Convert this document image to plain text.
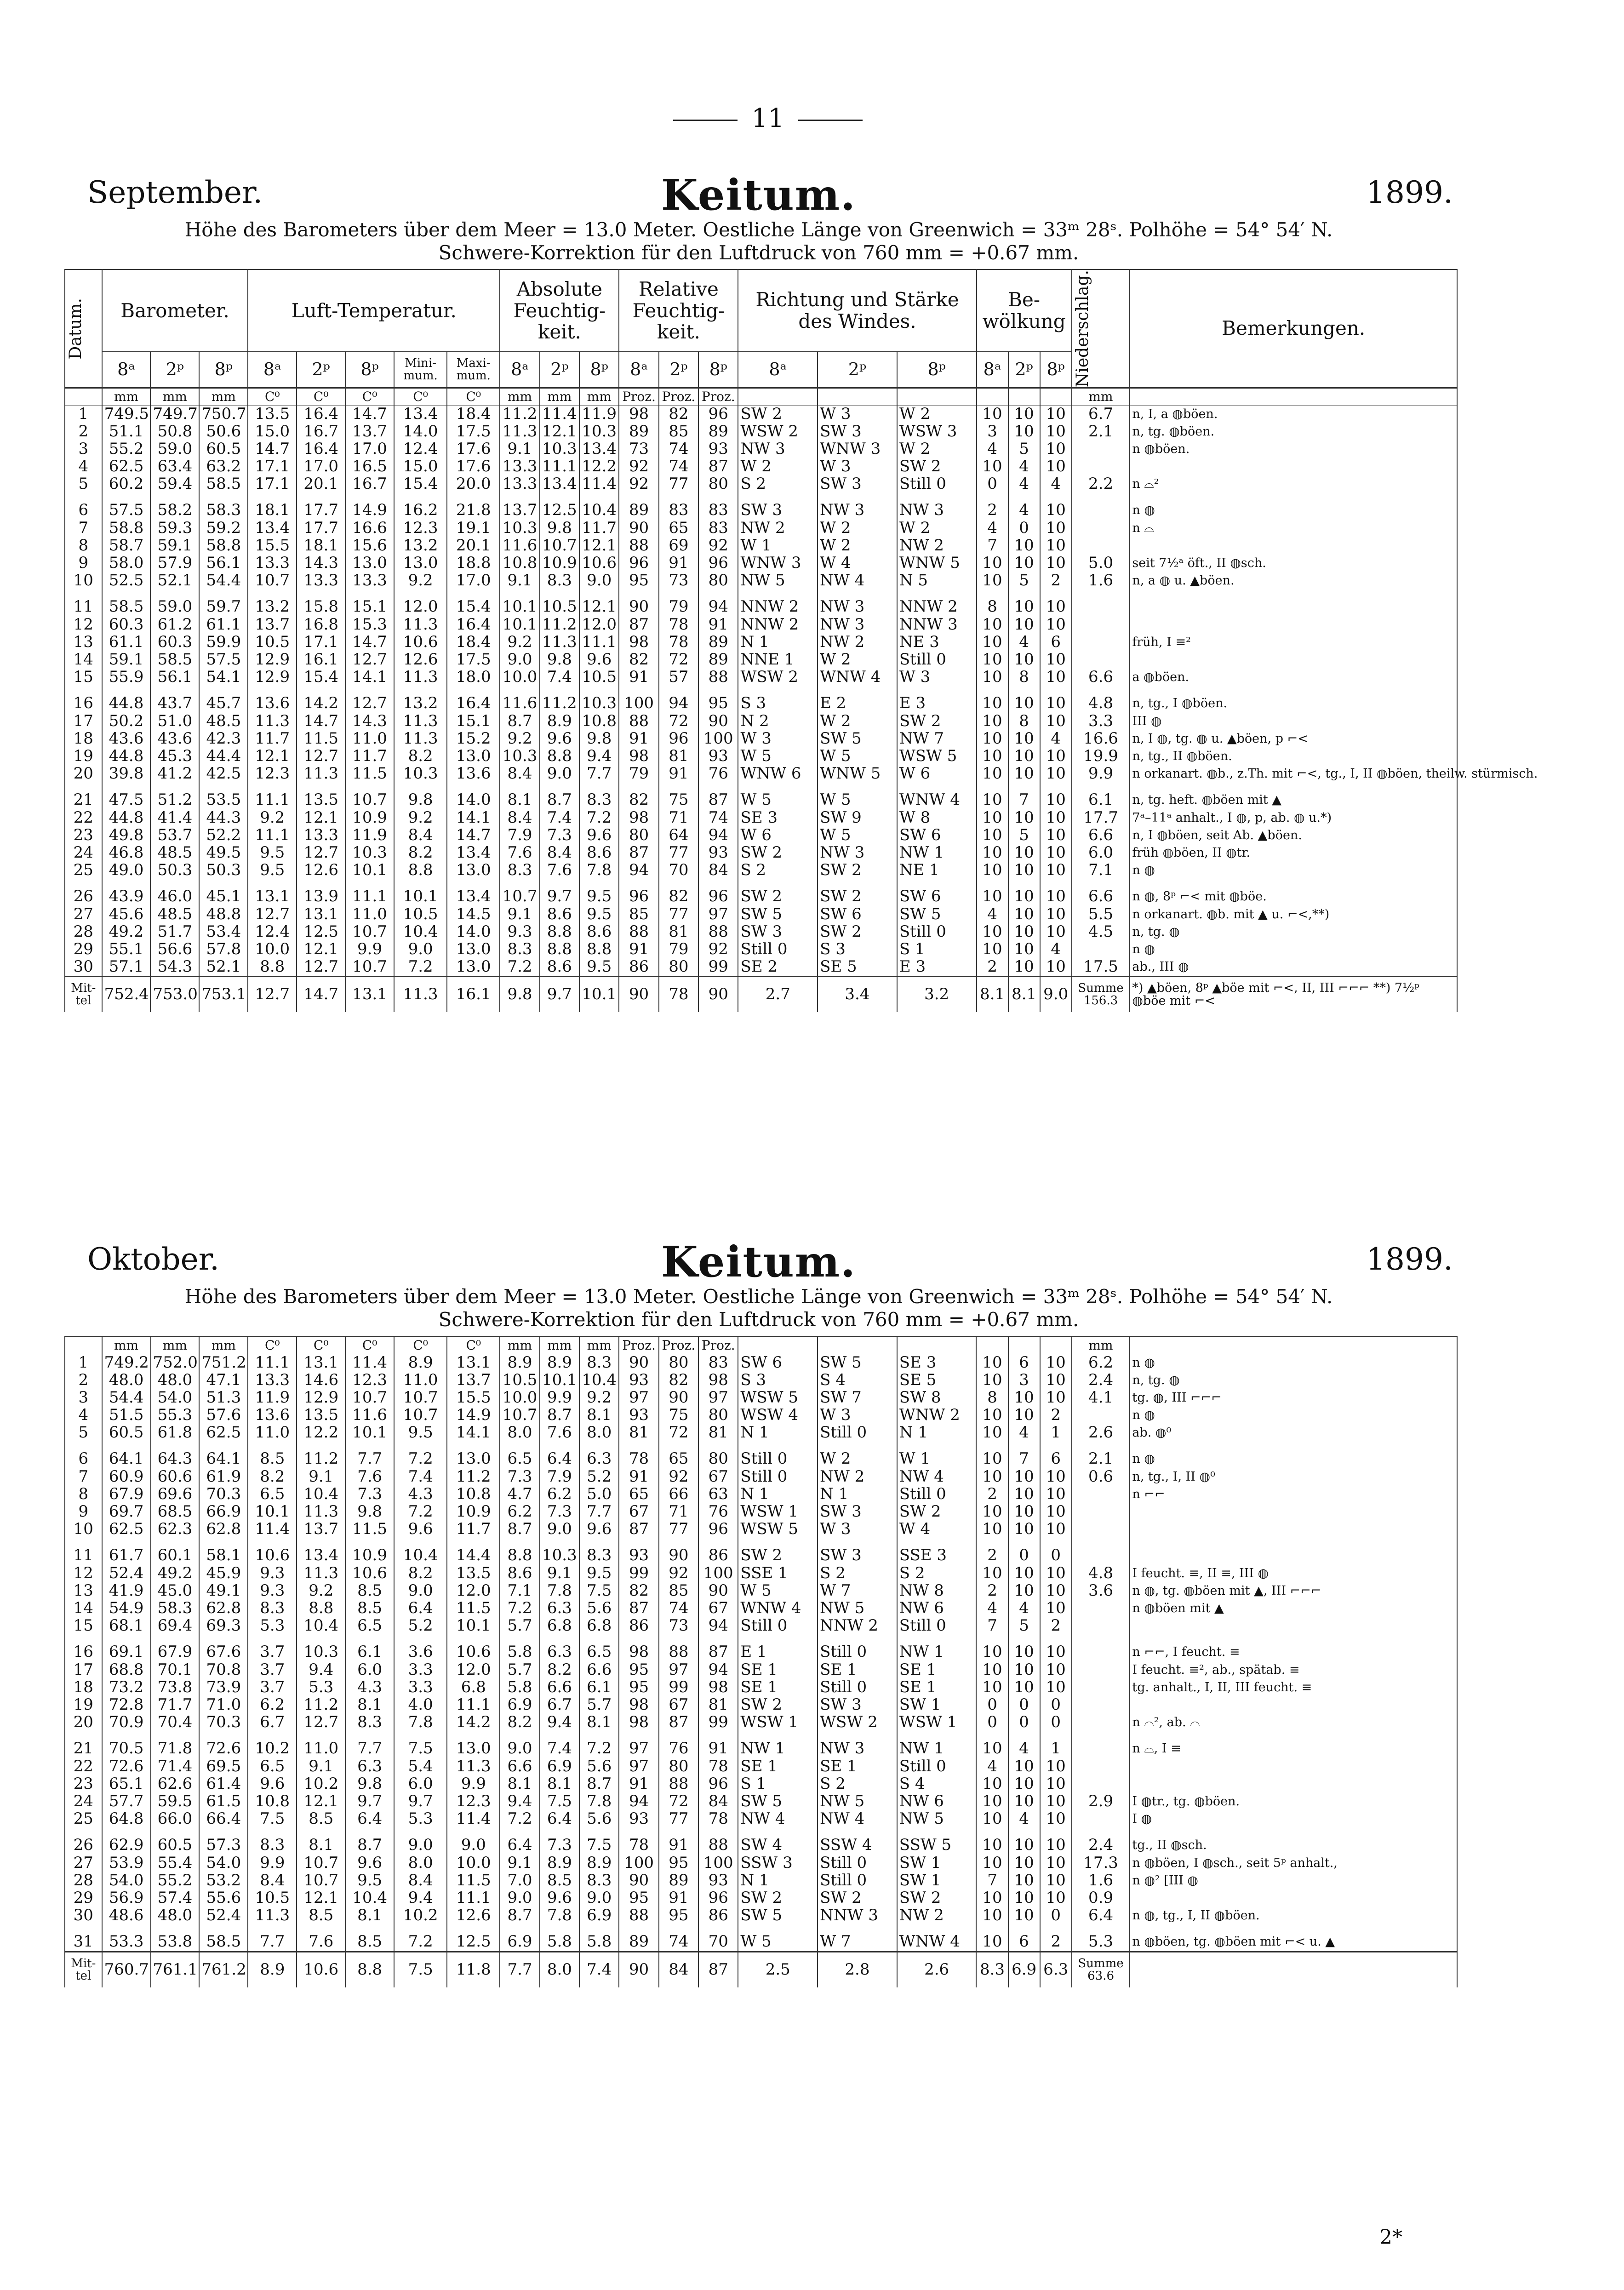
11
September.	Keitum.	1899.
Höhe des Barometers über dem Meer = 13.0 Meter. Oestliche Länge von Greenwich = 33ᵐ 28ˢ. Polhöhe = 54° 54′ N.
Schwere-Korrektion für den Luftdruck von 760 mm = +0.67 mm.
Datum.	Barometer.			Luft-Temperatur.					Absolute Feuchtig-keit.			Relative Feuchtig-keit.			Richtung und Stärke des Windes.			Be-wölkung			Niederschlag.	Bemerkungen.
	8ᵃ	2ᵖ	8ᵖ	8ᵃ	2ᵖ	8ᵖ	Mini-mum.	Maxi-mum.	8ᵃ	2ᵖ	8ᵖ	8ᵃ	2ᵖ	8ᵖ	8ᵃ	2ᵖ	8ᵖ	8ᵃ	2ᵖ	8ᵖ		
	mm	mm	mm	C⁰	C⁰	C⁰	C⁰	C⁰	mm	mm	mm	Proz.	Proz.	Proz.							mm	
1	749.5	749.7	750.7	13.5	16.4	14.7	13.4	18.4	11.2	11.4	11.9	98	82	96	SW 2	W 3	W 2	10	10	10	6.7	n, I, a ◍böen.
2	51.1	50.8	50.6	15.0	16.7	13.7	14.0	17.5	11.3	12.1	10.3	89	85	89	WSW 2	SW 3	WSW 3	3	10	10	2.1	n, tg. ◍böen.
3	55.2	59.0	60.5	14.7	16.4	17.0	12.4	17.6	9.1	10.3	13.4	73	74	93	NW 3	WNW 3	W 2	4	5	10		n ◍böen.
4	62.5	63.4	63.2	17.1	17.0	16.5	15.0	17.6	13.3	11.1	12.2	92	74	87	W 2	W 3	SW 2	10	4	10		
5	60.2	59.4	58.5	17.1	20.1	16.7	15.4	20.0	13.3	13.4	11.4	92	77	80	S 2	SW 3	Still 0	0	4	4	2.2	n ⌓²
6	57.5	58.2	58.3	18.1	17.7	14.9	16.2	21.8	13.7	12.5	10.4	89	83	83	SW 3	NW 3	NW 3	2	4	10		n ◍
7	58.8	59.3	59.2	13.4	17.7	16.6	12.3	19.1	10.3	9.8	11.7	90	65	83	NW 2	W 2	W 2	4	0	10		n ⌓
8	58.7	59.1	58.8	15.5	18.1	15.6	13.2	20.1	11.6	10.7	12.1	88	69	92	W 1	W 2	NW 2	7	10	10		
9	58.0	57.9	56.1	13.3	14.3	13.0	13.0	18.8	10.8	10.9	10.6	96	91	96	WNW 3	W 4	WNW 5	10	10	10	5.0	seit 7½ᵃ öft., II ◍sch.
10	52.5	52.1	54.4	10.7	13.3	13.3	9.2	17.0	9.1	8.3	9.0	95	73	80	NW 5	NW 4	N 5	10	5	2	1.6	n, a ◍ u. ▲böen.
11	58.5	59.0	59.7	13.2	15.8	15.1	12.0	15.4	10.1	10.5	12.1	90	79	94	NNW 2	NW 3	NNW 2	8	10	10		
12	60.3	61.2	61.1	13.7	16.8	15.3	11.3	16.4	10.1	11.2	12.0	87	78	91	NNW 2	NW 3	NNW 3	10	10	10		
13	61.1	60.3	59.9	10.5	17.1	14.7	10.6	18.4	9.2	11.3	11.1	98	78	89	N 1	NW 2	NE 3	10	4	6		früh, I ≡²
14	59.1	58.5	57.5	12.9	16.1	12.7	12.6	17.5	9.0	9.8	9.6	82	72	89	NNE 1	W 2	Still 0	10	10	10		
15	55.9	56.1	54.1	12.9	15.4	14.1	11.3	18.0	10.0	7.4	10.5	91	57	88	WSW 2	WNW 4	W 3	10	8	10	6.6	a ◍böen.
16	44.8	43.7	45.7	13.6	14.2	12.7	13.2	16.4	11.6	11.2	10.3	100	94	95	S 3	E 2	E 3	10	10	10	4.8	n, tg., I ◍böen.
17	50.2	51.0	48.5	11.3	14.7	14.3	11.3	15.1	8.7	8.9	10.8	88	72	90	N 2	W 2	SW 2	10	8	10	3.3	III ◍
18	43.6	43.6	42.3	11.7	11.5	11.0	11.3	15.2	9.2	9.6	9.8	91	96	100	W 3	SW 5	NW 7	10	10	4	16.6	n, I ◍, tg. ◍ u. ▲böen, p ⌐<
19	44.8	45.3	44.4	12.1	12.7	11.7	8.2	13.0	10.3	8.8	9.4	98	81	93	W 5	W 5	WSW 5	10	10	10	19.9	n, tg., II ◍böen.
20	39.8	41.2	42.5	12.3	11.3	11.5	10.3	13.6	8.4	9.0	7.7	79	91	76	WNW 6	WNW 5	W 6	10	10	10	9.9	n orkanart. ◍b., z.Th. mit ⌐<, tg., I, II ◍böen, theilw. stürmisch.
21	47.5	51.2	53.5	11.1	13.5	10.7	9.8	14.0	8.1	8.7	8.3	82	75	87	W 5	W 5	WNW 4	10	7	10	6.1	n, tg. heft. ◍böen mit ▲
22	44.8	41.4	44.3	9.2	12.1	10.9	9.2	14.1	8.4	7.4	7.2	98	71	74	SE 3	SW 9	W 8	10	10	10	17.7	7ᵃ–11ᵃ anhalt., I ◍, p, ab. ◍ u.*)
23	49.8	53.7	52.2	11.1	13.3	11.9	8.4	14.7	7.9	7.3	9.6	80	64	94	W 6	W 5	SW 6	10	5	10	6.6	n, I ◍böen, seit Ab. ▲böen.
24	46.8	48.5	49.5	9.5	12.7	10.3	8.2	13.4	7.6	8.4	8.6	87	77	93	SW 2	NW 3	NW 1	10	10	10	6.0	früh ◍böen, II ◍tr.
25	49.0	50.3	50.3	9.5	12.6	10.1	8.8	13.0	8.3	7.6	7.8	94	70	84	S 2	SW 2	NE 1	10	10	10	7.1	n ◍
26	43.9	46.0	45.1	13.1	13.9	11.1	10.1	13.4	10.7	9.7	9.5	96	82	96	SW 2	SW 2	SW 6	10	10	10	6.6	n ◍, 8ᵖ ⌐< mit ◍böe.
27	45.6	48.5	48.8	12.7	13.1	11.0	10.5	14.5	9.1	8.6	9.5	85	77	97	SW 5	SW 6	SW 5	4	10	10	5.5	n orkanart. ◍b. mit ▲ u. ⌐<,**)
28	49.2	51.7	53.4	12.4	12.5	10.7	10.4	14.0	9.3	8.8	8.6	88	81	88	SW 3	SW 2	Still 0	10	10	10	4.5	n, tg. ◍
29	55.1	56.6	57.8	10.0	12.1	9.9	9.0	13.0	8.3	8.8	8.8	91	79	92	Still 0	S 3	S 1	10	10	4		n ◍
30	57.1	54.3	52.1	8.8	12.7	10.7	7.2	13.0	7.2	8.6	9.5	86	80	99	SE 2	SE 5	E 3	2	10	10	17.5	ab., III ◍
Mit-tel	752.4	753.0	753.1	12.7	14.7	13.1	11.3	16.1	9.8	9.7	10.1	90	78	90	2.7	3.4	3.2	8.1	8.1	9.0	Summe 156.3	*) ▲böen, 8ᵖ ▲böe mit ⌐<, II, III ⌐⌐⌐ **) 7½ᵖ ◍böe mit ⌐<
Oktober.	Keitum.	1899.
Höhe des Barometers über dem Meer = 13.0 Meter. Oestliche Länge von Greenwich = 33ᵐ 28ˢ. Polhöhe = 54° 54′ N.
Schwere-Korrektion für den Luftdruck von 760 mm = +0.67 mm.
	mm	mm	mm	C⁰	C⁰	C⁰	C⁰	C⁰	mm	mm	mm	Proz.	Proz.	Proz.							mm	
1	749.2	752.0	751.2	11.1	13.1	11.4	8.9	13.1	8.9	8.9	8.3	90	80	83	SW 6	SW 5	SE 3	10	6	10	6.2	n ◍
2	48.0	48.0	47.1	13.3	14.6	12.3	11.0	13.7	10.5	10.1	10.4	93	82	98	S 3	S 4	SE 5	10	3	10	2.4	n, tg. ◍
3	54.4	54.0	51.3	11.9	12.9	10.7	10.7	15.5	10.0	9.9	9.2	97	90	97	WSW 5	SW 7	SW 8	8	10	10	4.1	tg. ◍, III ⌐⌐⌐
4	51.5	55.3	57.6	13.6	13.5	11.6	10.7	14.9	10.7	8.7	8.1	93	75	80	WSW 4	W 3	WNW 2	10	10	2		n ◍
5	60.5	61.8	62.5	11.0	12.2	10.1	9.5	14.1	8.0	7.6	8.0	81	72	81	N 1	Still 0	N 1	10	4	1	2.6	ab. ◍⁰
6	64.1	64.3	64.1	8.5	11.2	7.7	7.2	13.0	6.5	6.4	6.3	78	65	80	Still 0	W 2	W 1	10	7	6	2.1	n ◍
7	60.9	60.6	61.9	8.2	9.1	7.6	7.4	11.2	7.3	7.9	5.2	91	92	67	Still 0	NW 2	NW 4	10	10	10	0.6	n, tg., I, II ◍⁰
8	67.9	69.6	70.3	6.5	10.4	7.3	4.3	10.8	4.7	6.2	5.0	65	66	63	N 1	N 1	Still 0	2	10	10		n ⌐⌐
9	69.7	68.5	66.9	10.1	11.3	9.8	7.2	10.9	6.2	7.3	7.7	67	71	76	WSW 1	SW 3	SW 2	10	10	10		
10	62.5	62.3	62.8	11.4	13.7	11.5	9.6	11.7	8.7	9.0	9.6	87	77	96	WSW 5	W 3	W 4	10	10	10		
11	61.7	60.1	58.1	10.6	13.4	10.9	10.4	14.4	8.8	10.3	8.3	93	90	86	SW 2	SW 3	SSE 3	2	0	0		
12	52.4	49.2	45.9	9.3	11.3	10.6	8.2	13.5	8.6	9.1	9.5	99	92	100	SSE 1	S 2	S 2	10	10	10	4.8	I feucht. ≡, II ≡, III ◍
13	41.9	45.0	49.1	9.3	9.2	8.5	9.0	12.0	7.1	7.8	7.5	82	85	90	W 5	W 7	NW 8	2	10	10	3.6	n ◍, tg. ◍böen mit ▲, III ⌐⌐⌐
14	54.9	58.3	62.8	8.3	8.8	8.5	6.4	11.5	7.2	6.3	5.6	87	74	67	WNW 4	NW 5	NW 6	4	4	10		n ◍böen mit ▲
15	68.1	69.4	69.3	5.3	10.4	6.5	5.2	10.1	5.7	6.8	6.8	86	73	94	Still 0	NNW 2	Still 0	7	5	2		
16	69.1	67.9	67.6	3.7	10.3	6.1	3.6	10.6	5.8	6.3	6.5	98	88	87	E 1	Still 0	NW 1	10	10	10		n ⌐⌐, I feucht. ≡
17	68.8	70.1	70.8	3.7	9.4	6.0	3.3	12.0	5.7	8.2	6.6	95	97	94	SE 1	SE 1	SE 1	10	10	10		I feucht. ≡², ab., spätab. ≡
18	73.2	73.8	73.9	3.7	5.3	4.3	3.3	6.8	5.8	6.6	6.1	95	99	98	SE 1	Still 0	SE 1	10	10	10		tg. anhalt., I, II, III feucht. ≡
19	72.8	71.7	71.0	6.2	11.2	8.1	4.0	11.1	6.9	6.7	5.7	98	67	81	SW 2	SW 3	SW 1	0	0	0		
20	70.9	70.4	70.3	6.7	12.7	8.3	7.8	14.2	8.2	9.4	8.1	98	87	99	WSW 1	WSW 2	WSW 1	0	0	0		n ⌓², ab. ⌓
21	70.5	71.8	72.6	10.2	11.0	7.7	7.5	13.0	9.0	7.4	7.2	97	76	91	NW 1	NW 3	NW 1	10	4	1		n ⌓, I ≡
22	72.6	71.4	69.5	6.5	9.1	6.3	5.4	11.3	6.6	6.9	5.6	97	80	78	SE 1	SE 1	Still 0	4	10	10		
23	65.1	62.6	61.4	9.6	10.2	9.8	6.0	9.9	8.1	8.1	8.7	91	88	96	S 1	S 2	S 4	10	10	10		
24	57.7	59.5	61.5	10.8	12.1	9.7	9.7	12.3	9.4	7.5	7.8	94	72	84	SW 5	NW 5	NW 6	10	10	10	2.9	I ◍tr., tg. ◍böen.
25	64.8	66.0	66.4	7.5	8.5	6.4	5.3	11.4	7.2	6.4	5.6	93	77	78	NW 4	NW 4	NW 5	10	4	10		I ◍
26	62.9	60.5	57.3	8.3	8.1	8.7	9.0	9.0	6.4	7.3	7.5	78	91	88	SW 4	SSW 4	SSW 5	10	10	10	2.4	tg., II ◍sch.
27	53.9	55.4	54.0	9.9	10.7	9.6	8.0	10.0	9.1	8.9	8.9	100	95	100	SSW 3	Still 0	SW 1	10	10	10	17.3	n ◍böen, I ◍sch., seit 5ᵖ anhalt.,
28	54.0	55.2	53.2	8.4	10.7	9.5	8.4	11.5	7.0	8.5	8.3	90	89	93	N 1	Still 0	SW 1	7	10	10	1.6	n ◍² [III ◍
29	56.9	57.4	55.6	10.5	12.1	10.4	9.4	11.1	9.0	9.6	9.0	95	91	96	SW 2	SW 2	SW 2	10	10	10	0.9	
30	48.6	48.0	52.4	11.3	8.5	8.1	10.2	12.6	8.7	7.8	6.9	88	95	86	SW 5	NNW 3	NW 2	10	10	0	6.4	n ◍, tg., I, II ◍böen.
31	53.3	53.8	58.5	7.7	7.6	8.5	7.2	12.5	6.9	5.8	5.8	89	74	70	W 5	W 7	WNW 4	10	6	2	5.3	n ◍böen, tg. ◍böen mit ⌐< u. ▲
Mit-tel	760.7	761.1	761.2	8.9	10.6	8.8	7.5	11.8	7.7	8.0	7.4	90	84	87	2.5	2.8	2.6	8.3	6.9	6.3	Summe 63.6	
2*
